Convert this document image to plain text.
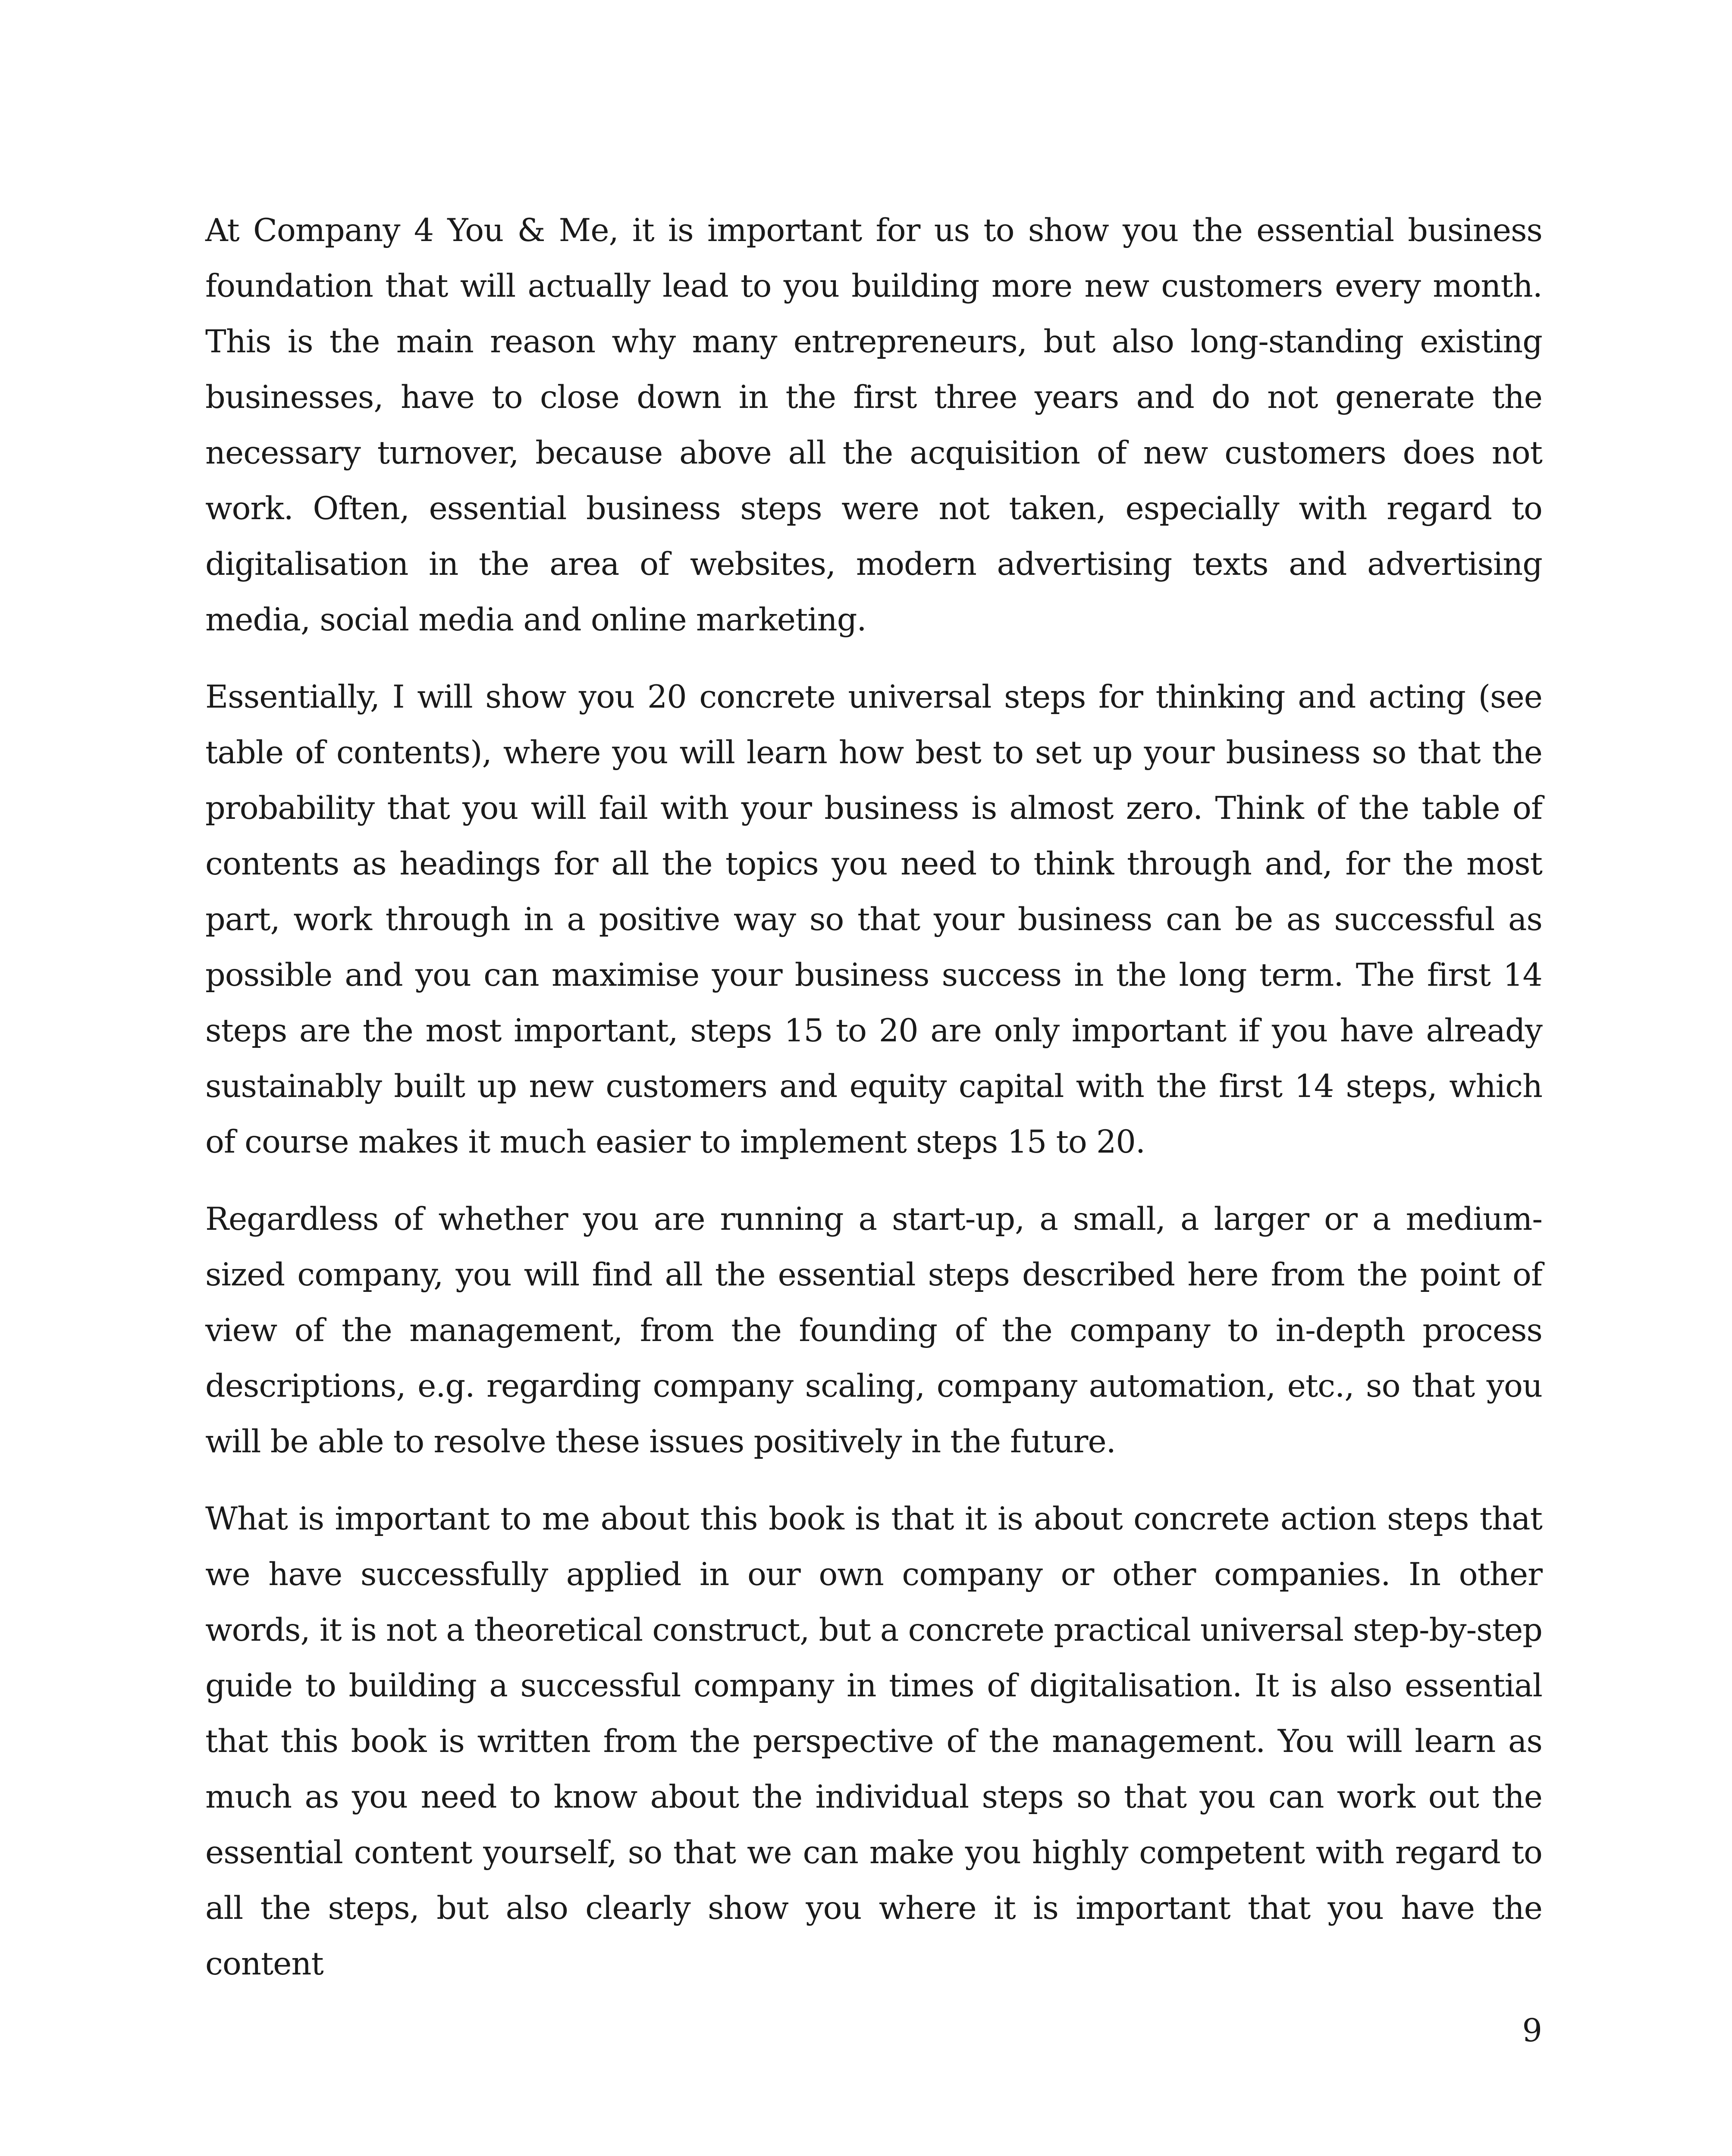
At Company 4 You & Me, it is important for us to show you the essential business foundation that will actually lead to you building more new customers every month. This is the main reason why many entrepreneurs, but also long-standing existing businesses, have to close down in the first three years and do not generate the necessary turnover, because above all the acquisition of new customers does not work. Often, essential business steps were not taken, especially with regard to digitalisation in the area of websites, modern advertising texts and advertising media, social media and online marketing.

Essentially, I will show you 20 concrete universal steps for thinking and acting (see table of contents), where you will learn how best to set up your business so that the probability that you will fail with your business is almost zero. Think of the table of contents as headings for all the topics you need to think through and, for the most part, work through in a positive way so that your business can be as successful as possible and you can maximise your business success in the long term. The first 14 steps are the most important, steps 15 to 20 are only important if you have already sustainably built up new customers and equity capital with the first 14 steps, which of course makes it much easier to implement steps 15 to 20.

Regardless of whether you are running a start-up, a small, a larger or a medium-sized company, you will find all the essential steps described here from the point of view of the management, from the founding of the company to in-depth process descriptions, e.g. regarding company scaling, company automation, etc., so that you will be able to resolve these issues positively in the future.

What is important to me about this book is that it is about concrete action steps that we have successfully applied in our own company or other companies. In other words, it is not a theoretical construct, but a concrete practical universal step-by-step guide to building a successful company in times of digitalisation. It is also essential that this book is written from the perspective of the management. You will learn as much as you need to know about the individual steps so that you can work out the essential content yourself, so that we can make you highly competent with regard to all the steps, but also clearly show you where it is important that you have the content

9
